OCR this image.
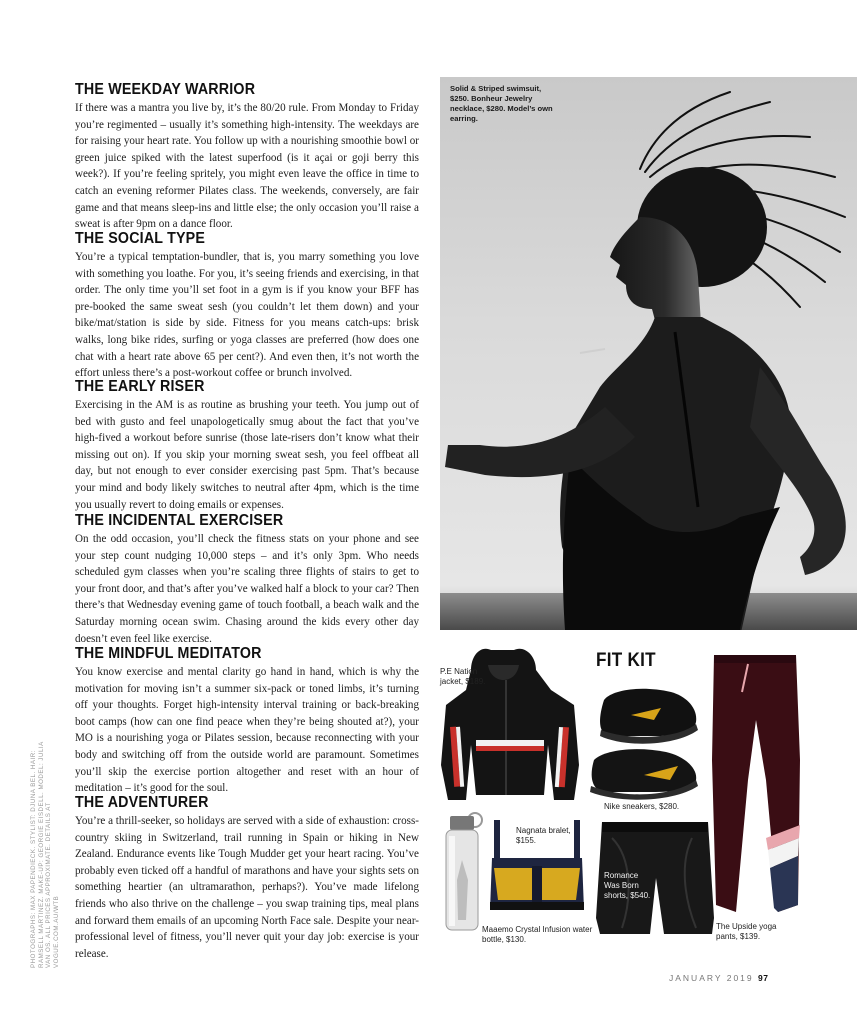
THE WEEKDAY WARRIOR

If there was a mantra you live by, it’s the 80/20 rule. From Monday to Friday you’re regimented – usually it’s something high-intensity. The weekdays are for raising your heart rate. You follow up with a nourishing smoothie bowl or green juice spiked with the latest superfood (is it açai or goji berry this week?). If you’re feeling spritely, you might even leave the office in time to catch an evening reformer Pilates class. The weekends, conversely, are fair game and that means sleep-ins and little else; the only occasion you’ll raise a sweat is after 9pm on a dance floor.

THE SOCIAL TYPE

You’re a typical temptation-bundler, that is, you marry something you love with something you loathe. For you, it’s seeing friends and exercising, in that order. The only time you’ll set foot in a gym is if you know your BFF has pre-booked the same sweat sesh (you couldn’t let them down) and your bike/mat/station is side by side. Fitness for you means catch-ups: brisk walks, long bike rides, surfing or yoga classes are preferred (how does one chat with a heart rate above 65 per cent?). And even then, it’s not worth the effort unless there’s a post-workout coffee or brunch involved.

THE EARLY RISER

Exercising in the AM is as routine as brushing your teeth. You jump out of bed with gusto and feel unapologetically smug about the fact that you’ve high-fived a workout before sunrise (those late-risers don’t know what their missing out on). If you skip your morning sweat sesh, you feel offbeat all day, but not enough to ever consider exercising past 5pm. That’s because your mind and body likely switches to neutral after 4pm, which is the time you usually revert to doing emails or expenses.

THE INCIDENTAL EXERCISER

On the odd occasion, you’ll check the fitness stats on your phone and see your step count nudging 10,000 steps – and it’s only 3pm. Who needs scheduled gym classes when you’re scaling three flights of stairs to get to your front door, and that’s after you’ve walked half a block to your car? Then there’s that Wednesday evening game of touch football, a beach walk and the Saturday morning ocean swim. Chasing around the kids every other day doesn’t even feel like exercise.

THE MINDFUL MEDITATOR

You know exercise and mental clarity go hand in hand, which is why the motivation for moving isn’t a summer six-pack or toned limbs, it’s turning off your thoughts. Forget high-intensity interval training or back-breaking boot camps (how can one find peace when they’re being shouted at?), your MO is a nourishing yoga or Pilates session, because reconnecting with your body and switching off from the outside world are paramount. Sometimes you’ll skip the exercise portion altogether and reset with an hour of meditation – it’s good for the soul.

THE ADVENTURER

You’re a thrill-seeker, so holidays are served with a side of exhaustion: cross-country skiing in Switzerland, trail running in Spain or hiking in New Zealand. Endurance events like Tough Mudder get your heart racing. You’ve probably even ticked off a handful of marathons and have your sights sets on something heartier (an ultramarathon, perhaps?). You’ve made lifelong friends who also thrive on the challenge – you swap training tips, meal plans and forward them emails of an upcoming North Face sale. Despite your near-professional level of fitness, you’ll never quit your day job: exercise is your release.

PHOTOGRAPHS: MAX PAPENDIECK. STYLIST: DJUNA BEL. HAIR: RAMSELL MARTINEZ. MAKE-UP: GEORGIE EISDELL. MODEL: JULIA VAN OS. ALL PRICES APPROXIMATE. DETAILS AT VOGUE.COM.AU/WTB
Solid & Striped swimsuit, $250. Bonheur Jewelry necklace, $280. Model’s own earring.
FIT KIT
P.E Nation jacket, $189.
Nike sneakers, $280.
The Upside yoga pants, $139.
Maaemo Crystal Infusion water bottle, $130.
Nagnata bralet, $155.
Romance Was Born shorts, $540.
JANUARY 2019 97
